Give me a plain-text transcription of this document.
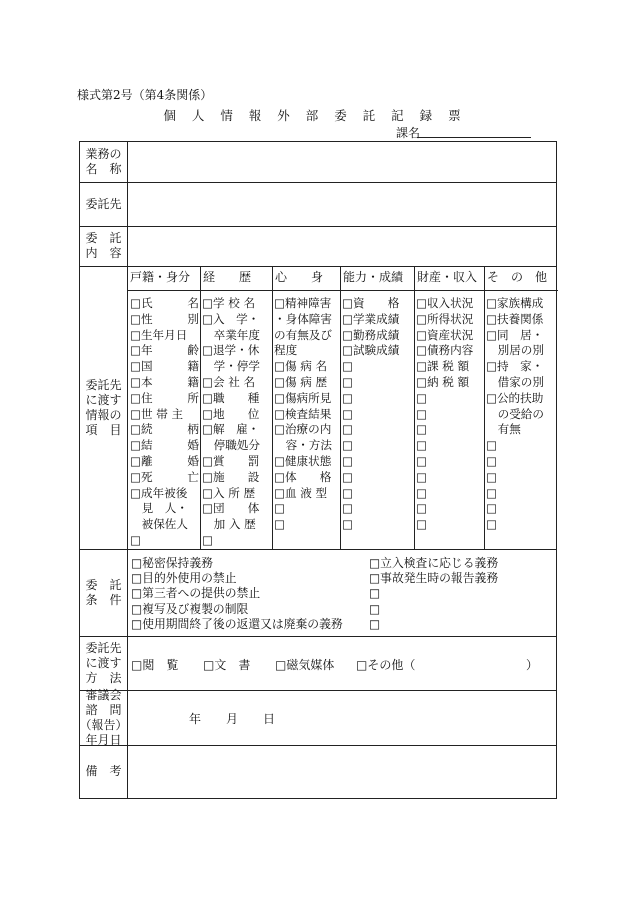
様式第2号（第4条関係）
個 人 情 報 外 部 委 託 記 録 票
課名
業務の
名　称
委託先
委　託
内　容
委託先
に渡す
情報の
項　目
委　託
条　件
委託先
に渡す
方　法
審議会
諮　問
（報告）
年月日
備　考
戸籍・身分 経　　歴 心　　身 能力・成績 財産・収入 そ　の　他
□氏　　　名
□性　　　別
□生年月日
□年　　　齢
□国　　　籍
□本　　　籍
□住　　　所
□世 帯 主
□続　　　柄
□結　　　婚
□離　　　婚
□死　　　亡
□成年被後
　見　人・
　被保佐人
□
□学 校 名
□入　学・
　卒業年度
□退学・休
　学・停学
□会 社 名
□職　　種
□地　　位
□解　雇・
　停職処分
□賞　　罰
□施　　設
□入 所 歴
□団　　体
　加 入 歴
□
□精神障害
・身体障害
の有無及び
程度
□傷 病 名
□傷 病 歴
□傷病所見
□検査結果
□治療の内
　容・方法
□健康状態
□体　　格
□血 液 型
□
□
□資　　格
□学業成績
□勤務成績
□試験成績
□
□
□
□
□
□
□
□
□
□
□
□収入状況
□所得状況
□資産状況
□債務内容
□課 税 額
□納 税 額
□
□
□
□
□
□
□
□
□
□家族構成
□扶養関係
□同　居・
　別居の別
□持　家・
　借家の別
□公的扶助
　の受給の
　有無
□
□
□
□
□
□
□秘密保持義務
□目的外使用の禁止
□第三者への提供の禁止
□複写及び複製の制限
□使用期間終了後の返還又は廃棄の義務
□立入検査に応じる義務
□事故発生時の報告義務
□
□
□
□閲　覧 □文　書 □磁気媒体 □その他（	）
年 月 日
